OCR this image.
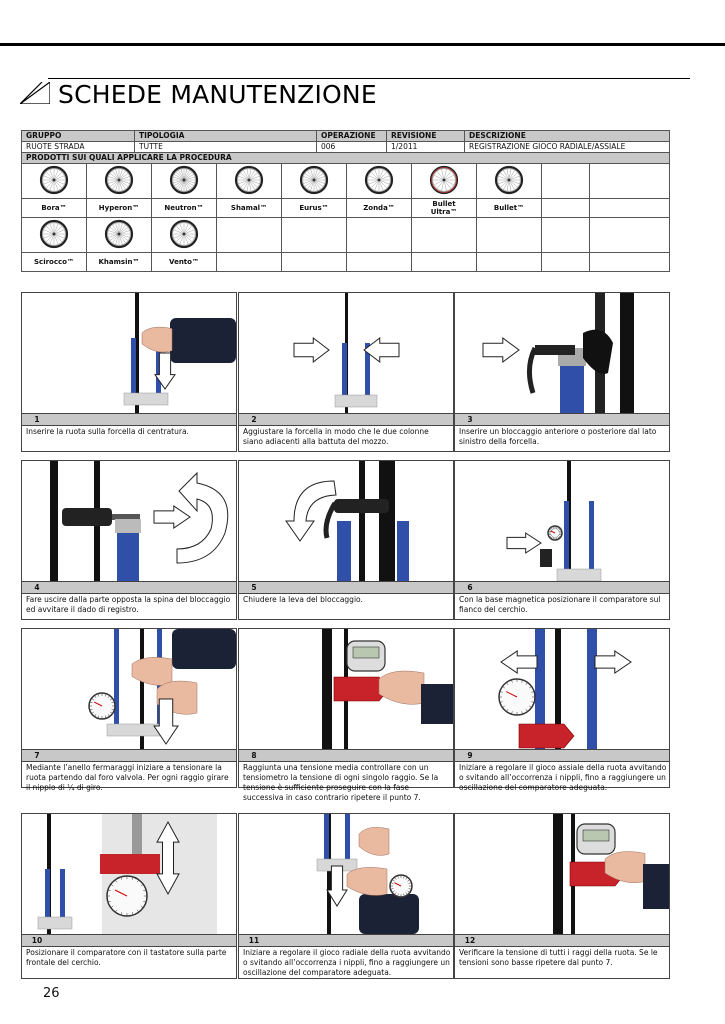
SCHEDE MANUTENZIONE
GRUPPO	TIPOLOGIA	OPERAZIONE	REVISIONE	DESCRIZIONE
RUOTE STRADA	TUTTE	006	1/2011	REGISTRAZIONE GIOCO RADIALE/ASSIALE
PRODOTTI SUI QUALI APPLICARE LA PROCEDURA				

Bora™	Hyperon™	Neutron™	Shamal™	Eurus™	Zonda™	Bullet Ultra™	Bullet™		

Scirocco™	Khamsin™	Vento™							
1
Inserire la ruota sulla forcella di centratura.
2
Aggiustare la forcella in modo che le due colonne siano adiacenti alla battuta del mozzo.
3
Inserire un bloccaggio anteriore o posteriore dal lato sinistro della forcella.
4
Fare uscire dalla parte opposta la spina del bloccaggio ed avvitare il dado di registro.
5
Chiudere la leva del bloccaggio.
6
Con la base magnetica posizionare il comparatore sul fianco del cerchio.
7
Mediante l’anello fermaraggi iniziare a tensionare la ruota partendo dal foro valvola. Per ogni raggio girare il nipplo di ¼ di giro.
8
Raggiunta una tensione media controllare con un tensiometro la tensione di ogni singolo raggio. Se la tensione è sufficiente proseguire con la fase successiva in caso contrario ripetere il punto 7.
9
Iniziare a regolare il gioco assiale della ruota avvitando o svitando all’occorrenza i nippli, fino a raggiungere un oscillazione del comparatore adeguata.
10
Posizionare il comparatore con il tastatore sulla parte frontale del cerchio.
11
Iniziare a regolare il gioco radiale della ruota avvitando o svitando all’occorrenza i nippli, fino a raggiungere un oscillazione del comparatore adeguata.
12
Verificare la tensione di tutti i raggi della ruota. Se le tensioni sono basse ripetere dal punto 7.
26
